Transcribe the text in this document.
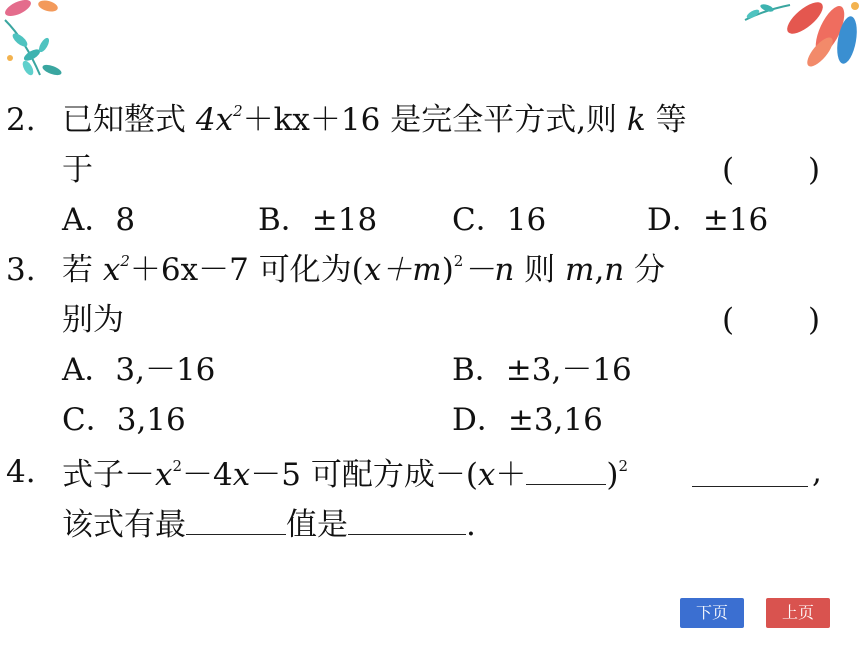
2. 已知整式 $4x^2+kx+16$ 是完全平方式,则 k 等
于	( )
A．8	B．±18 C．16	D．±16
3. 若 $x^2+6x-7$ 可化为$(x+m)^2-n$ 则 m,n 分
别为	( )
A．3,－16	B．±3,－16
C．3,16	D．±3,16
4. 式子$-x^2-4x-5$ 可配方成－(x＋	)$^2$	,
该式有最	值是	.
下页	上页
